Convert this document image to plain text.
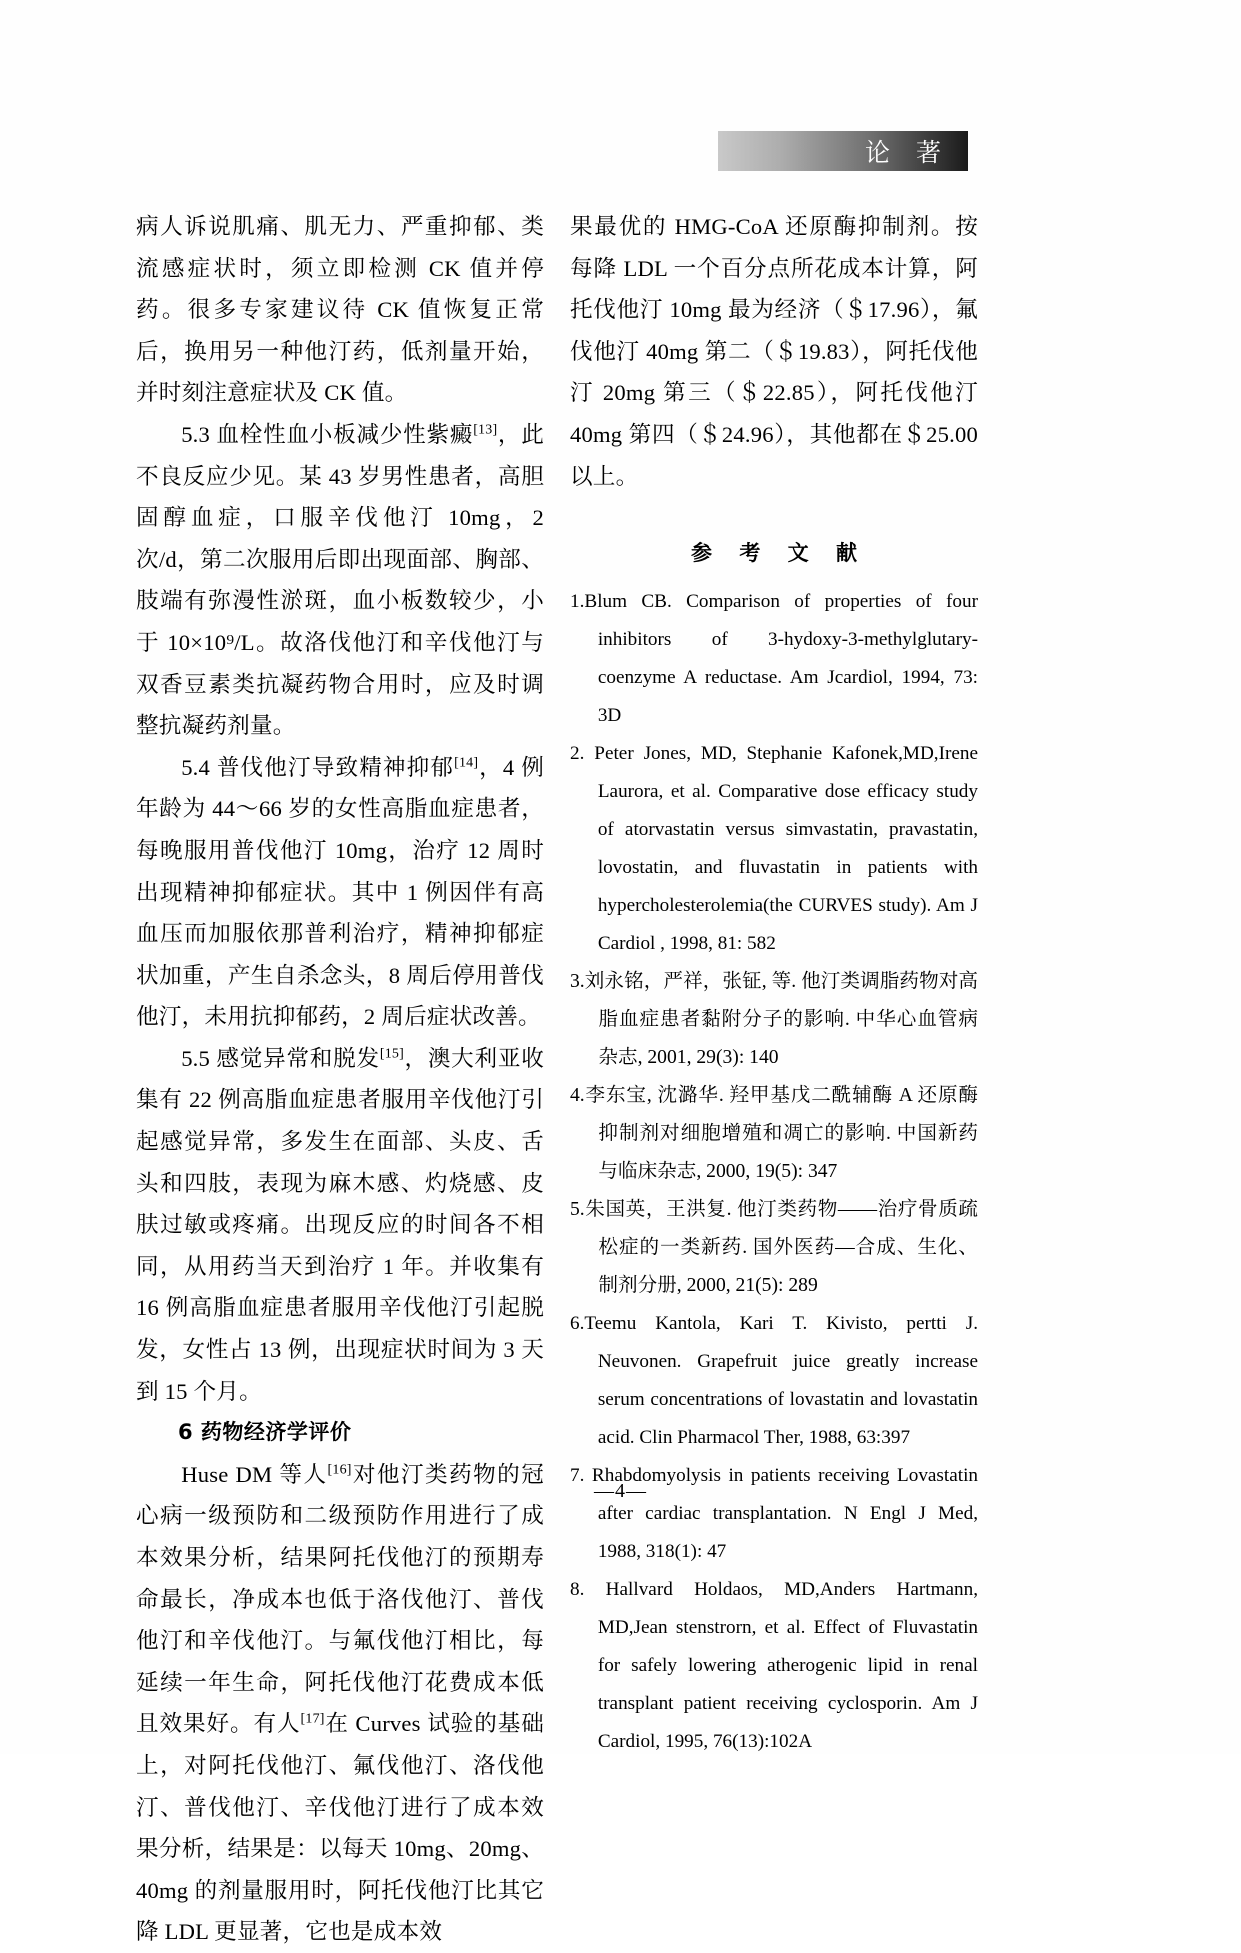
论 著

病人诉说肌痛、肌无力、严重抑郁、类流感症状时，须立即检测 CK 值并停药。很多专家建议待 CK 值恢复正常后，换用另一种他汀药，低剂量开始，并时刻注意症状及 CK 值。

5.3 血栓性血小板减少性紫癜[13]，此不良反应少见。某 43 岁男性患者，高胆固醇血症，口服辛伐他汀 10mg，2 次/d，第二次服用后即出现面部、胸部、肢端有弥漫性淤斑，血小板数较少，小于 10×10⁹/L。故洛伐他汀和辛伐他汀与双香豆素类抗凝药物合用时，应及时调整抗凝药剂量。

5.4 普伐他汀导致精神抑郁[14]，4 例年龄为 44～66 岁的女性高脂血症患者，每晚服用普伐他汀 10mg，治疗 12 周时出现精神抑郁症状。其中 1 例因伴有高血压而加服依那普利治疗，精神抑郁症状加重，产生自杀念头，8 周后停用普伐他汀，未用抗抑郁药，2 周后症状改善。

5.5 感觉异常和脱发[15]，澳大利亚收集有 22 例高脂血症患者服用辛伐他汀引起感觉异常，多发生在面部、头皮、舌头和四肢，表现为麻木感、灼烧感、皮肤过敏或疼痛。出现反应的时间各不相同，从用药当天到治疗 1 年。并收集有 16 例高脂血症患者服用辛伐他汀引起脱发，女性占 13 例，出现症状时间为 3 天到 15 个月。

6 药物经济学评价

Huse DM 等人[16]对他汀类药物的冠心病一级预防和二级预防作用进行了成本效果分析，结果阿托伐他汀的预期寿命最长，净成本也低于洛伐他汀、普伐他汀和辛伐他汀。与氟伐他汀相比，每延续一年生命，阿托伐他汀花费成本低且效果好。有人[17]在 Curves 试验的基础上，对阿托伐他汀、氟伐他汀、洛伐他汀、普伐他汀、辛伐他汀进行了成本效果分析，结果是：以每天 10mg、20mg、40mg 的剂量服用时，阿托伐他汀比其它降 LDL 更显著，它也是成本效

果最优的 HMG-CoA 还原酶抑制剂。按每降 LDL 一个百分点所花成本计算，阿托伐他汀 10mg 最为经济（＄17.96），氟伐他汀 40mg 第二（＄19.83），阿托伐他汀 20mg 第三（＄22.85），阿托伐他汀 40mg 第四（＄24.96），其他都在＄25.00 以上。

参 考 文 献
1.Blum CB. Comparison of properties of four inhibitors of 3-hydoxy-3-methylglutary-coenzyme A reductase. Am Jcardiol, 1994, 73: 3D
2. Peter Jones, MD, Stephanie Kafonek,MD,Irene Laurora, et al. Comparative dose efficacy study of atorvastatin versus simvastatin, pravastatin, lovostatin, and fluvastatin in patients with hypercholesterolemia(the CURVES study). Am J Cardiol , 1998, 81: 582
3.刘永铭，严祥，张钲, 等. 他汀类调脂药物对高脂血症患者黏附分子的影响. 中华心血管病杂志, 2001, 29(3): 140
4.李东宝, 沈潞华. 羟甲基戊二酰辅酶 A 还原酶抑制剂对细胞增殖和凋亡的影响. 中国新药与临床杂志, 2000, 19(5): 347
5.朱国英，王洪复. 他汀类药物——治疗骨质疏松症的一类新药. 国外医药—合成、生化、制剂分册, 2000, 21(5): 289
6.Teemu Kantola, Kari T. Kivisto, pertti J. Neuvonen. Grapefruit juice greatly increase serum concentrations of lovastatin and lovastatin acid. Clin Pharmacol Ther, 1988, 63:397
7. Rhabdomyolysis in patients receiving Lovastatin after cardiac transplantation. N Engl J Med, 1988, 318(1): 47
8. Hallvard Holdaos, MD,Anders Hartmann, MD,Jean stenstrorn, et al. Effect of Fluvastatin for safely lowering atherogenic lipid in renal transplant patient receiving cyclosporin. Am J Cardiol, 1995, 76(13):102A
—4—
